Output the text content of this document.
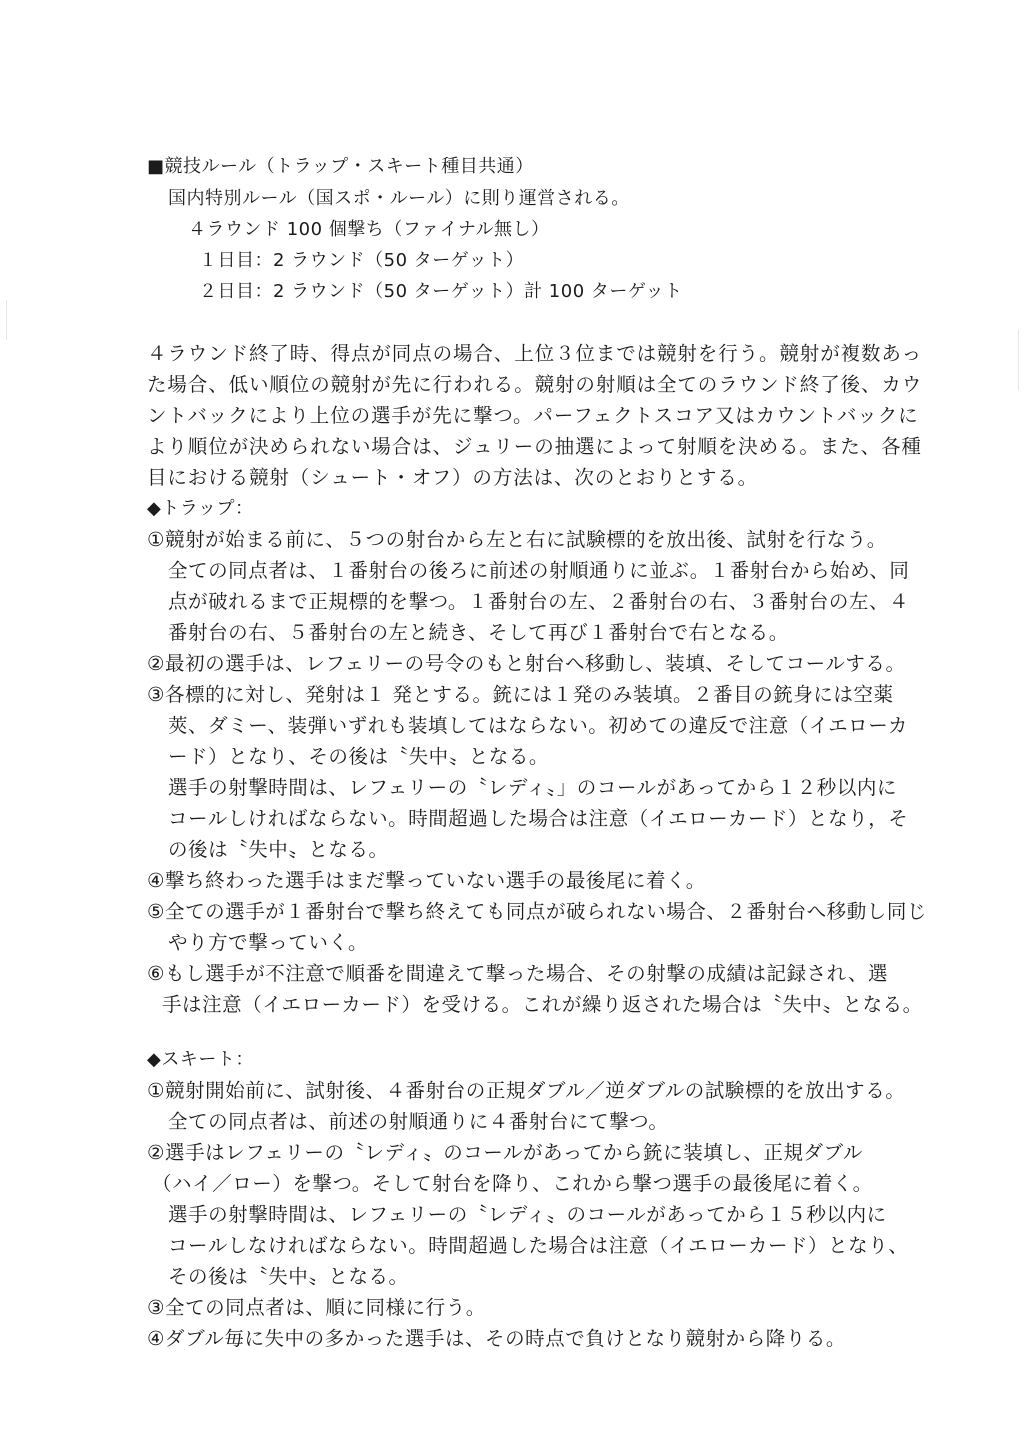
■競技ルール（トラップ・スキート種目共通）
国内特別ルール（国スポ・ルール）に則り運営される。
４ラウンド 100 個撃ち（ファイナル無し）
１日目：2 ラウンド（50 ターゲット）
２日目：2 ラウンド（50 ターゲット）計 100 ターゲット
４ラウンド終了時、得点が同点の場合、上位３位までは競射を行う。競射が複数あっ
た場合、低い順位の競射が先に行われる。競射の射順は全てのラウンド終了後、カウ
ントバックにより上位の選手が先に撃つ。パーフェクトスコア又はカウントバックに
より順位が決められない場合は、ジュリーの抽選によって射順を決める。また、各種
目における競射（シュート・オフ）の方法は、次のとおりとする。
◆トラップ：
①競射が始まる前に、５つの射台から左と右に試験標的を放出後、試射を行なう。
全ての同点者は、１番射台の後ろに前述の射順通りに並ぶ。１番射台から始め、同
点が破れるまで正規標的を撃つ。１番射台の左、２番射台の右、３番射台の左、４
番射台の右、５番射台の左と続き、そして再び１番射台で右となる。
②最初の選手は、レフェリーの号令のもと射台へ移動し、装填、そしてコールする。
③各標的に対し、発射は１ 発とする。銃には１発のみ装填。２番目の銃身には空薬
莢、ダミー、装弾いずれも装填してはならない。初めての違反で注意（イエローカ
ード）となり、その後は〝失中〟となる。
選手の射撃時間は、レフェリーの〝レディ〟」のコールがあってから１２秒以内に
コールしければならない。時間超過した場合は注意（イエローカード）となり，そ
の後は〝失中〟となる。
④撃ち終わった選手はまだ撃っていない選手の最後尾に着く。
⑤全ての選手が１番射台で撃ち終えても同点が破られない場合、２番射台へ移動し同じ
やり方で撃っていく。
⑥もし選手が不注意で順番を間違えて撃った場合、その射撃の成績は記録され、選
手は注意（イエローカード）を受ける。これが繰り返された場合は〝失中〟となる。
◆スキート：
①競射開始前に、試射後、４番射台の正規ダブル／逆ダブルの試験標的を放出する。
全ての同点者は、前述の射順通りに４番射台にて撃つ。
②選手はレフェリーの〝レディ〟のコールがあってから銃に装填し、正規ダブル
（ハイ／ロー）を撃つ。そして射台を降り、これから撃つ選手の最後尾に着く。
選手の射撃時間は、レフェリーの〝レディ〟のコールがあってから１５秒以内に
コールしなければならない。時間超過した場合は注意（イエローカード）となり、
その後は〝失中〟となる。
③全ての同点者は、順に同様に行う。
④ダブル毎に失中の多かった選手は、その時点で負けとなり競射から降りる。
